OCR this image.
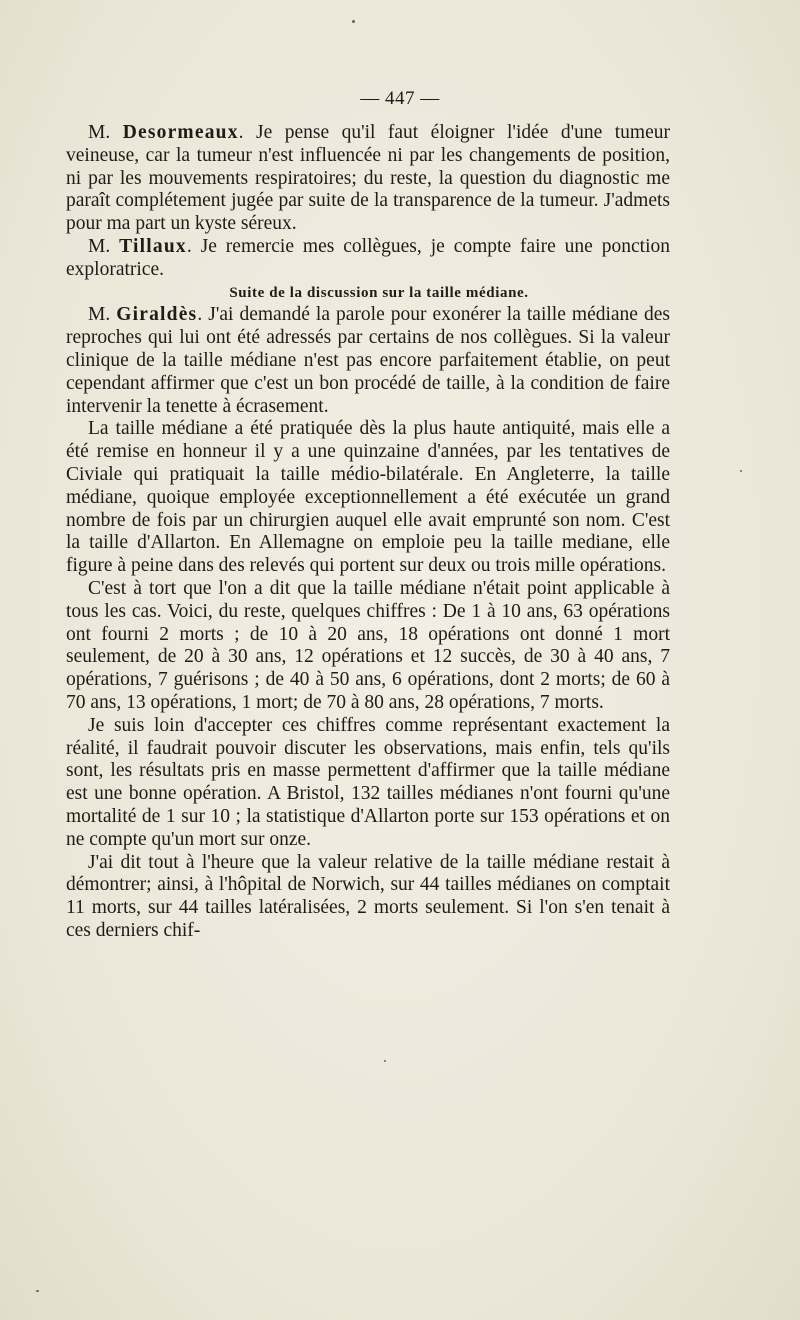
— 447 —

M. Desormeaux. Je pense qu'il faut éloigner l'idée d'une tumeur veineuse, car la tumeur n'est influencée ni par les changements de position, ni par les mouvements respiratoires; du reste, la question du diagnostic me paraît complétement jugée par suite de la transparence de la tumeur. J'admets pour ma part un kyste séreux.

M. Tillaux. Je remercie mes collègues, je compte faire une ponction exploratrice.

Suite de la discussion sur la taille médiane.

M. Giraldès. J'ai demandé la parole pour exonérer la taille médiane des reproches qui lui ont été adressés par certains de nos collègues. Si la valeur clinique de la taille médiane n'est pas encore parfaitement établie, on peut cependant affirmer que c'est un bon procédé de taille, à la condition de faire intervenir la tenette à écrasement.

La taille médiane a été pratiquée dès la plus haute antiquité, mais elle a été remise en honneur il y a une quinzaine d'années, par les tentatives de Civiale qui pratiquait la taille médio-bilatérale. En Angleterre, la taille médiane, quoique employée exceptionnellement a été exécutée un grand nombre de fois par un chirurgien auquel elle avait emprunté son nom. C'est la taille d'Allarton. En Allemagne on emploie peu la taille mediane, elle figure à peine dans des relevés qui portent sur deux ou trois mille opérations.

C'est à tort que l'on a dit que la taille médiane n'était point applicable à tous les cas. Voici, du reste, quelques chiffres : De 1 à 10 ans, 63 opérations ont fourni 2 morts ; de 10 à 20 ans, 18 opérations ont donné 1 mort seulement, de 20 à 30 ans, 12 opérations et 12 succès, de 30 à 40 ans, 7 opérations, 7 guérisons ; de 40 à 50 ans, 6 opérations, dont 2 morts; de 60 à 70 ans, 13 opérations, 1 mort; de 70 à 80 ans, 28 opérations, 7 morts.

Je suis loin d'accepter ces chiffres comme représentant exactement la réalité, il faudrait pouvoir discuter les observations, mais enfin, tels qu'ils sont, les résultats pris en masse permettent d'affirmer que la taille médiane est une bonne opération. A Bristol, 132 tailles médianes n'ont fourni qu'une mortalité de 1 sur 10 ; la statistique d'Allarton porte sur 153 opérations et on ne compte qu'un mort sur onze.

J'ai dit tout à l'heure que la valeur relative de la taille médiane restait à démontrer; ainsi, à l'hôpital de Norwich, sur 44 tailles médianes on comptait 11 morts, sur 44 tailles latéralisées, 2 morts seulement. Si l'on s'en tenait à ces derniers chif-
